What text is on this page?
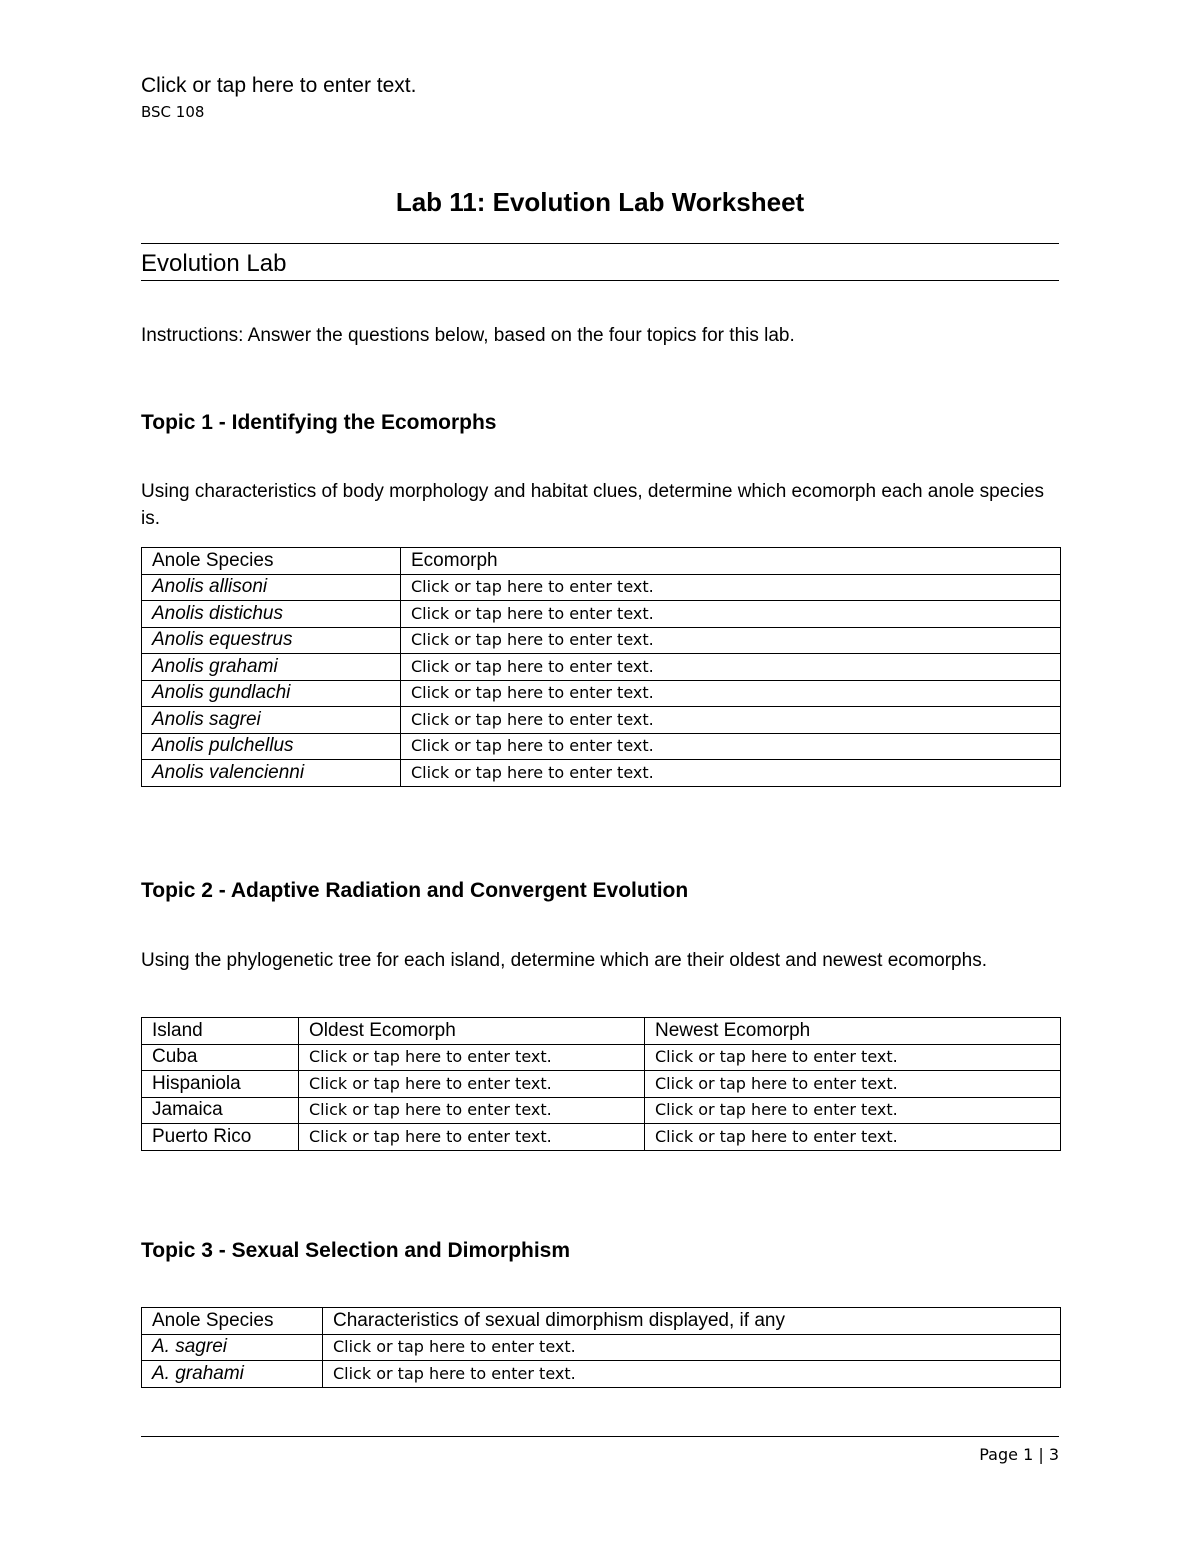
Click or tap here to enter text.
BSC 108
Lab 11: Evolution Lab Worksheet
Evolution Lab
Instructions: Answer the questions below, based on the four topics for this lab.
Topic 1 - Identifying the Ecomorphs
Using characteristics of body morphology and habitat clues, determine which ecomorph each anole species is.
Anole Species	Ecomorph
Anolis allisoni	Click or tap here to enter text.
Anolis distichus	Click or tap here to enter text.
Anolis equestrus	Click or tap here to enter text.
Anolis grahami	Click or tap here to enter text.
Anolis gundlachi	Click or tap here to enter text.
Anolis sagrei	Click or tap here to enter text.
Anolis pulchellus	Click or tap here to enter text.
Anolis valencienni	Click or tap here to enter text.
Topic 2 - Adaptive Radiation and Convergent Evolution
Using the phylogenetic tree for each island, determine which are their oldest and newest ecomorphs.
Island	Oldest Ecomorph	Newest Ecomorph
Cuba	Click or tap here to enter text.	Click or tap here to enter text.
Hispaniola	Click or tap here to enter text.	Click or tap here to enter text.
Jamaica	Click or tap here to enter text.	Click or tap here to enter text.
Puerto Rico	Click or tap here to enter text.	Click or tap here to enter text.
Topic 3 - Sexual Selection and Dimorphism
Anole Species	Characteristics of sexual dimorphism displayed, if any
A. sagrei	Click or tap here to enter text.
A. grahami	Click or tap here to enter text.
Page 1 | 3
